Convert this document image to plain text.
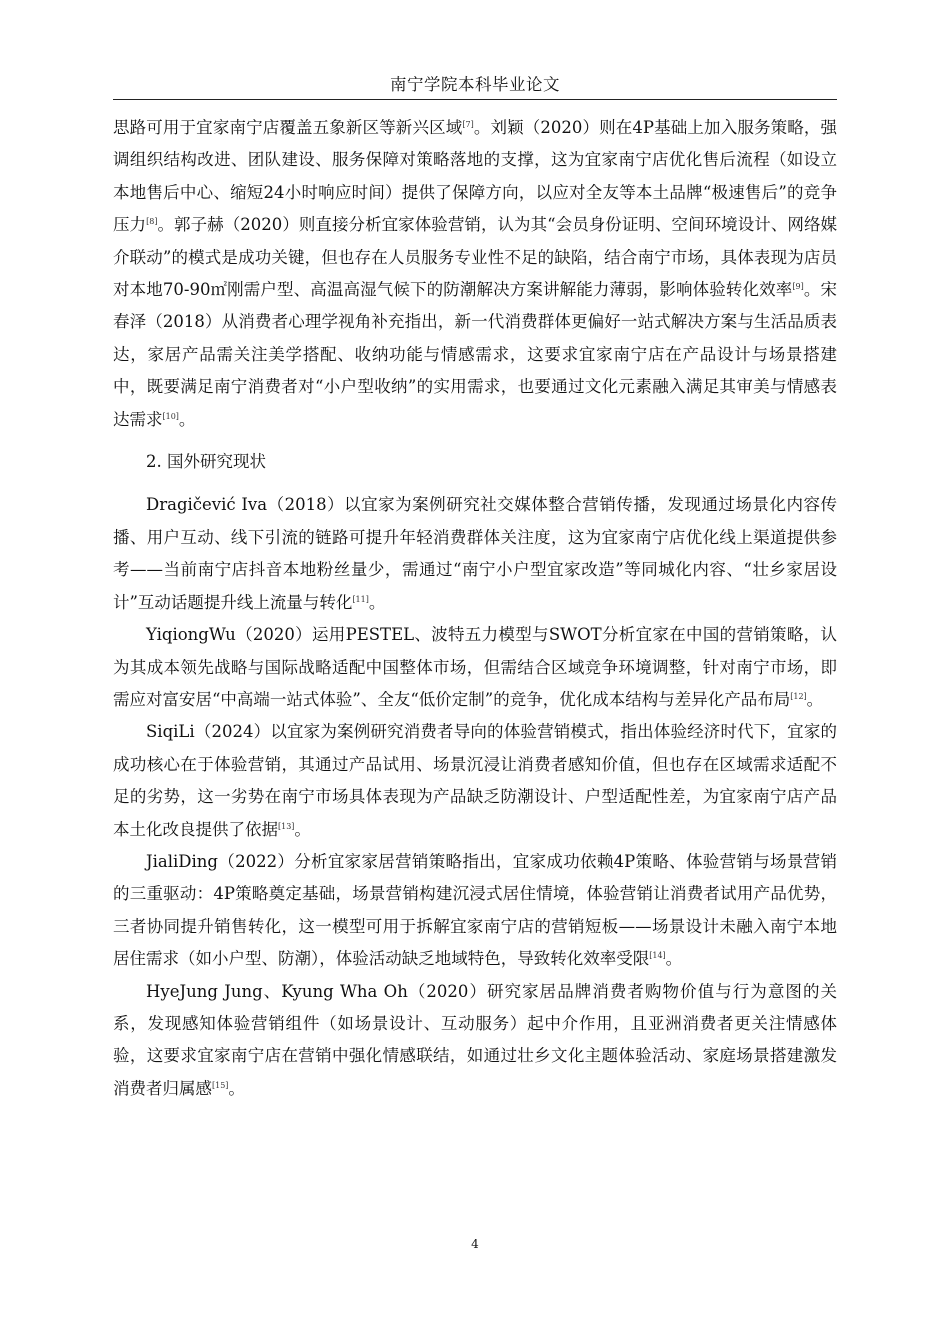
南宁学院本科毕业论文

思路可用于宜家南宁店覆盖五象新区等新兴区域[7]。刘颖（2020）则在4P基础上加入服务策略，强调组织结构改进、团队建设、服务保障对策略落地的支撑，这为宜家南宁店优化售后流程（如设立本地售后中心、缩短24小时响应时间）提供了保障方向，以应对全友等本土品牌“极速售后”的竞争压力[8]。郭子赫（2020）则直接分析宜家体验营销，认为其“会员身份证明、空间环境设计、网络媒介联动”的模式是成功关键，但也存在人员服务专业性不足的缺陷，结合南宁市场，具体表现为店员对本地70-90㎡刚需户型、高温高湿气候下的防潮解决方案讲解能力薄弱，影响体验转化效率[9]。宋春泽（2018）从消费者心理学视角补充指出，新一代消费群体更偏好一站式解决方案与生活品质表达，家居产品需关注美学搭配、收纳功能与情感需求，这要求宜家南宁店在产品设计与场景搭建中，既要满足南宁消费者对“小户型收纳”的实用需求，也要通过文化元素融入满足其审美与情感表达需求[10]。

2. 国外研究现状

Dragičević Iva（2018）以宜家为案例研究社交媒体整合营销传播，发现通过场景化内容传播、用户互动、线下引流的链路可提升年轻消费群体关注度，这为宜家南宁店优化线上渠道提供参考——当前南宁店抖音本地粉丝量少，需通过“南宁小户型宜家改造”等同城化内容、“壮乡家居设计”互动话题提升线上流量与转化[11]。

YiqiongWu（2020）运用PESTEL、波特五力模型与SWOT分析宜家在中国的营销策略，认为其成本领先战略与国际战略适配中国整体市场，但需结合区域竞争环境调整，针对南宁市场，即需应对富安居“中高端一站式体验”、全友“低价定制”的竞争，优化成本结构与差异化产品布局[12]。

SiqiLi（2024）以宜家为案例研究消费者导向的体验营销模式，指出体验经济时代下，宜家的成功核心在于体验营销，其通过产品试用、场景沉浸让消费者感知价值，但也存在区域需求适配不足的劣势，这一劣势在南宁市场具体表现为产品缺乏防潮设计、户型适配性差，为宜家南宁店产品本土化改良提供了依据[13]。

JialiDing（2022）分析宜家家居营销策略指出，宜家成功依赖4P策略、体验营销与场景营销的三重驱动：4P策略奠定基础，场景营销构建沉浸式居住情境，体验营销让消费者试用产品优势，三者协同提升销售转化，这一模型可用于拆解宜家南宁店的营销短板——场景设计未融入南宁本地居住需求（如小户型、防潮），体验活动缺乏地域特色，导致转化效率受限[14]。

HyeJung Jung、Kyung Wha Oh（2020）研究家居品牌消费者购物价值与行为意图的关系，发现感知体验营销组件（如场景设计、互动服务）起中介作用，且亚洲消费者更关注情感体验，这要求宜家南宁店在营销中强化情感联结，如通过壮乡文化主题体验活动、家庭场景搭建激发消费者归属感[15]。

4
